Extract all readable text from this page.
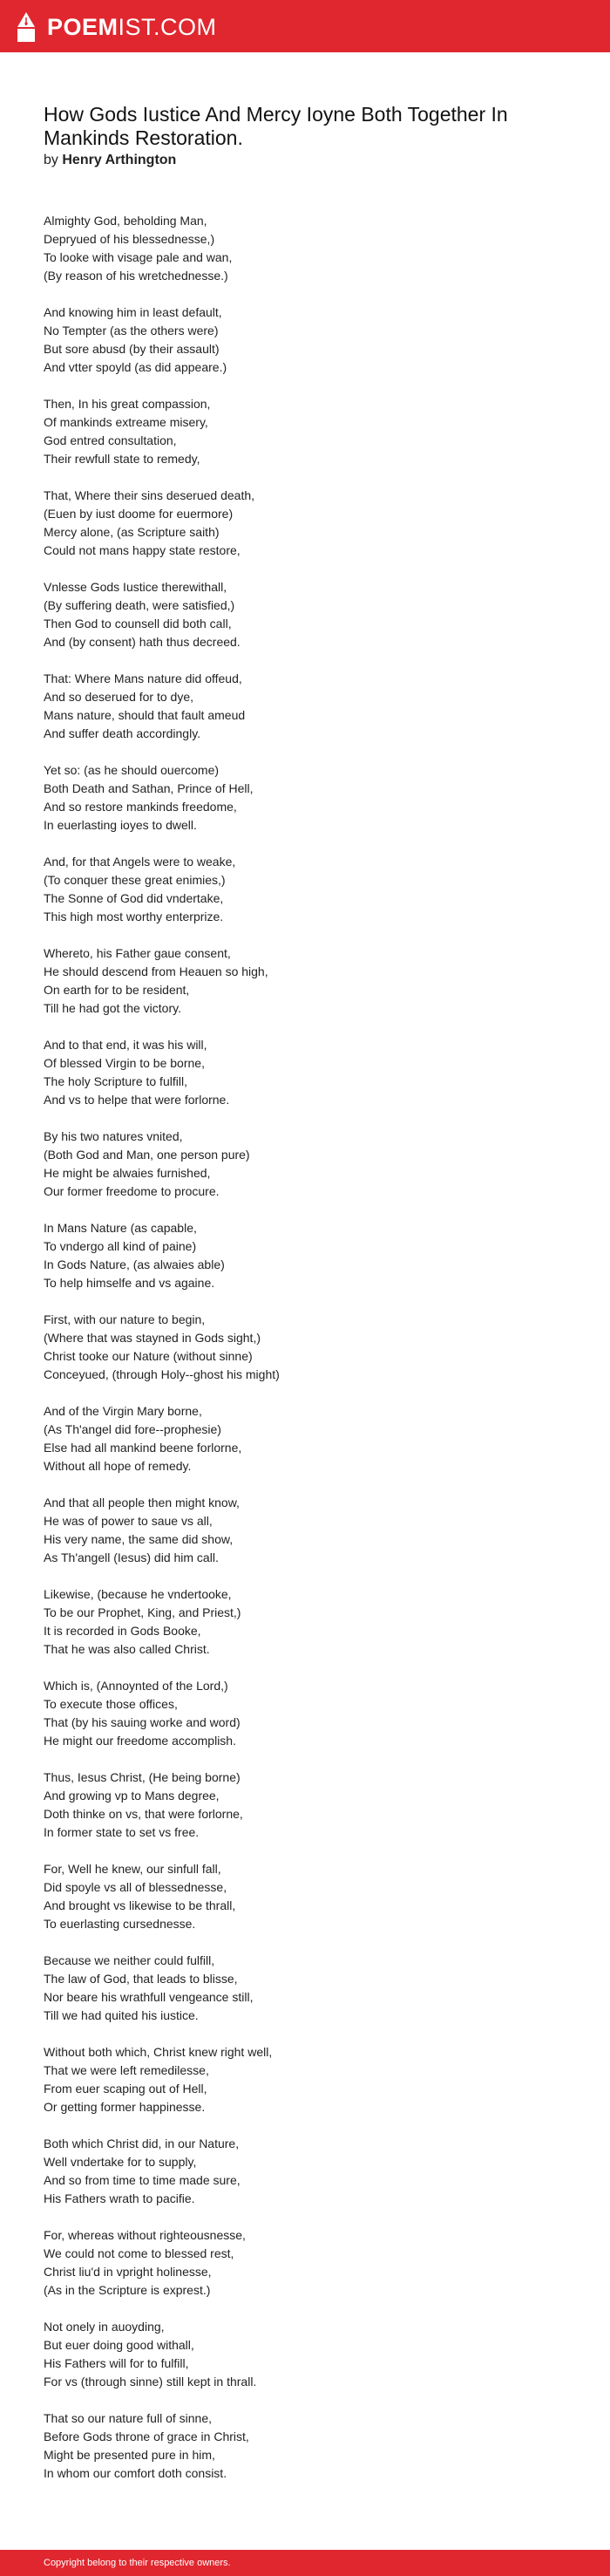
POEMIST.COM
How Gods Iustice And Mercy Ioyne Both Together In Mankinds Restoration.

by Henry Arthington

Almighty God, beholding Man,
Depryued of his blessednesse,)
To looke with visage pale and wan,
(By reason of his wretchednesse.)
And knowing him in least default,
No Tempter (as the others were)
But sore abusd (by their assault)
And vtter spoyld (as did appeare.)
Then, In his great compassion,
Of mankinds extreame misery,
God entred consultation,
Their rewfull state to remedy,
That, Where their sins deserued death,
(Euen by iust doome for euermore)
Mercy alone, (as Scripture saith)
Could not mans happy state restore,
Vnlesse Gods Iustice therewithall,
(By suffering death, were satisfied,)
Then God to counsell did both call,
And (by consent) hath thus decreed.
That: Where Mans nature did offeud,
And so deserued for to dye,
Mans nature, should that fault ameud
And suffer death accordingly.
Yet so: (as he should ouercome)
Both Death and Sathan, Prince of Hell,
And so restore mankinds freedome,
In euerlasting ioyes to dwell.
And, for that Angels were to weake,
(To conquer these great enimies,)
The Sonne of God did vndertake,
This high most worthy enterprize.
Whereto, his Father gaue consent,
He should descend from Heauen so high,
On earth for to be resident,
Till he had got the victory.
And to that end, it was his will,
Of blessed Virgin to be borne,
The holy Scripture to fulfill,
And vs to helpe that were forlorne.
By his two natures vnited,
(Both God and Man, one person pure)
He might be alwaies furnished,
Our former freedome to procure.
In Mans Nature (as capable,
To vndergo all kind of paine)
In Gods Nature, (as alwaies able)
To help himselfe and vs againe.
First, with our nature to begin,
(Where that was stayned in Gods sight,)
Christ tooke our Nature (without sinne)
Conceyued, (through Holy--ghost his might)
And of the Virgin Mary borne,
(As Th'angel did fore--prophesie)
Else had all mankind beene forlorne,
Without all hope of remedy.
And that all people then might know,
He was of power to saue vs all,
His very name, the same did show,
As Th'angell (Iesus) did him call.
Likewise, (because he vndertooke,
To be our Prophet, King, and Priest,)
It is recorded in Gods Booke,
That he was also called Christ.
Which is, (Annoynted of the Lord,)
To execute those offices,
That (by his sauing worke and word)
He might our freedome accomplish.
Thus, Iesus Christ, (He being borne)
And growing vp to Mans degree,
Doth thinke on vs, that were forlorne,
In former state to set vs free.
For, Well he knew, our sinfull fall,
Did spoyle vs all of blessednesse,
And brought vs likewise to be thrall,
To euerlasting cursednesse.
Because we neither could fulfill,
The law of God, that leads to blisse,
Nor beare his wrathfull vengeance still,
Till we had quited his iustice.
Without both which, Christ knew right well,
That we were left remedilesse,
From euer scaping out of Hell,
Or getting former happinesse.
Both which Christ did, in our Nature,
Well vndertake for to supply,
And so from time to time made sure,
His Fathers wrath to pacifie.
For, whereas without righteousnesse,
We could not come to blessed rest,
Christ liu'd in vpright holinesse,
(As in the Scripture is exprest.)
Not onely in auoyding,
But euer doing good withall,
His Fathers will for to fulfill,
For vs (through sinne) still kept in thrall.
That so our nature full of sinne,
Before Gods throne of grace in Christ,
Might be presented pure in him,
In whom our comfort doth consist.
Copyright belong to their respective owners.
